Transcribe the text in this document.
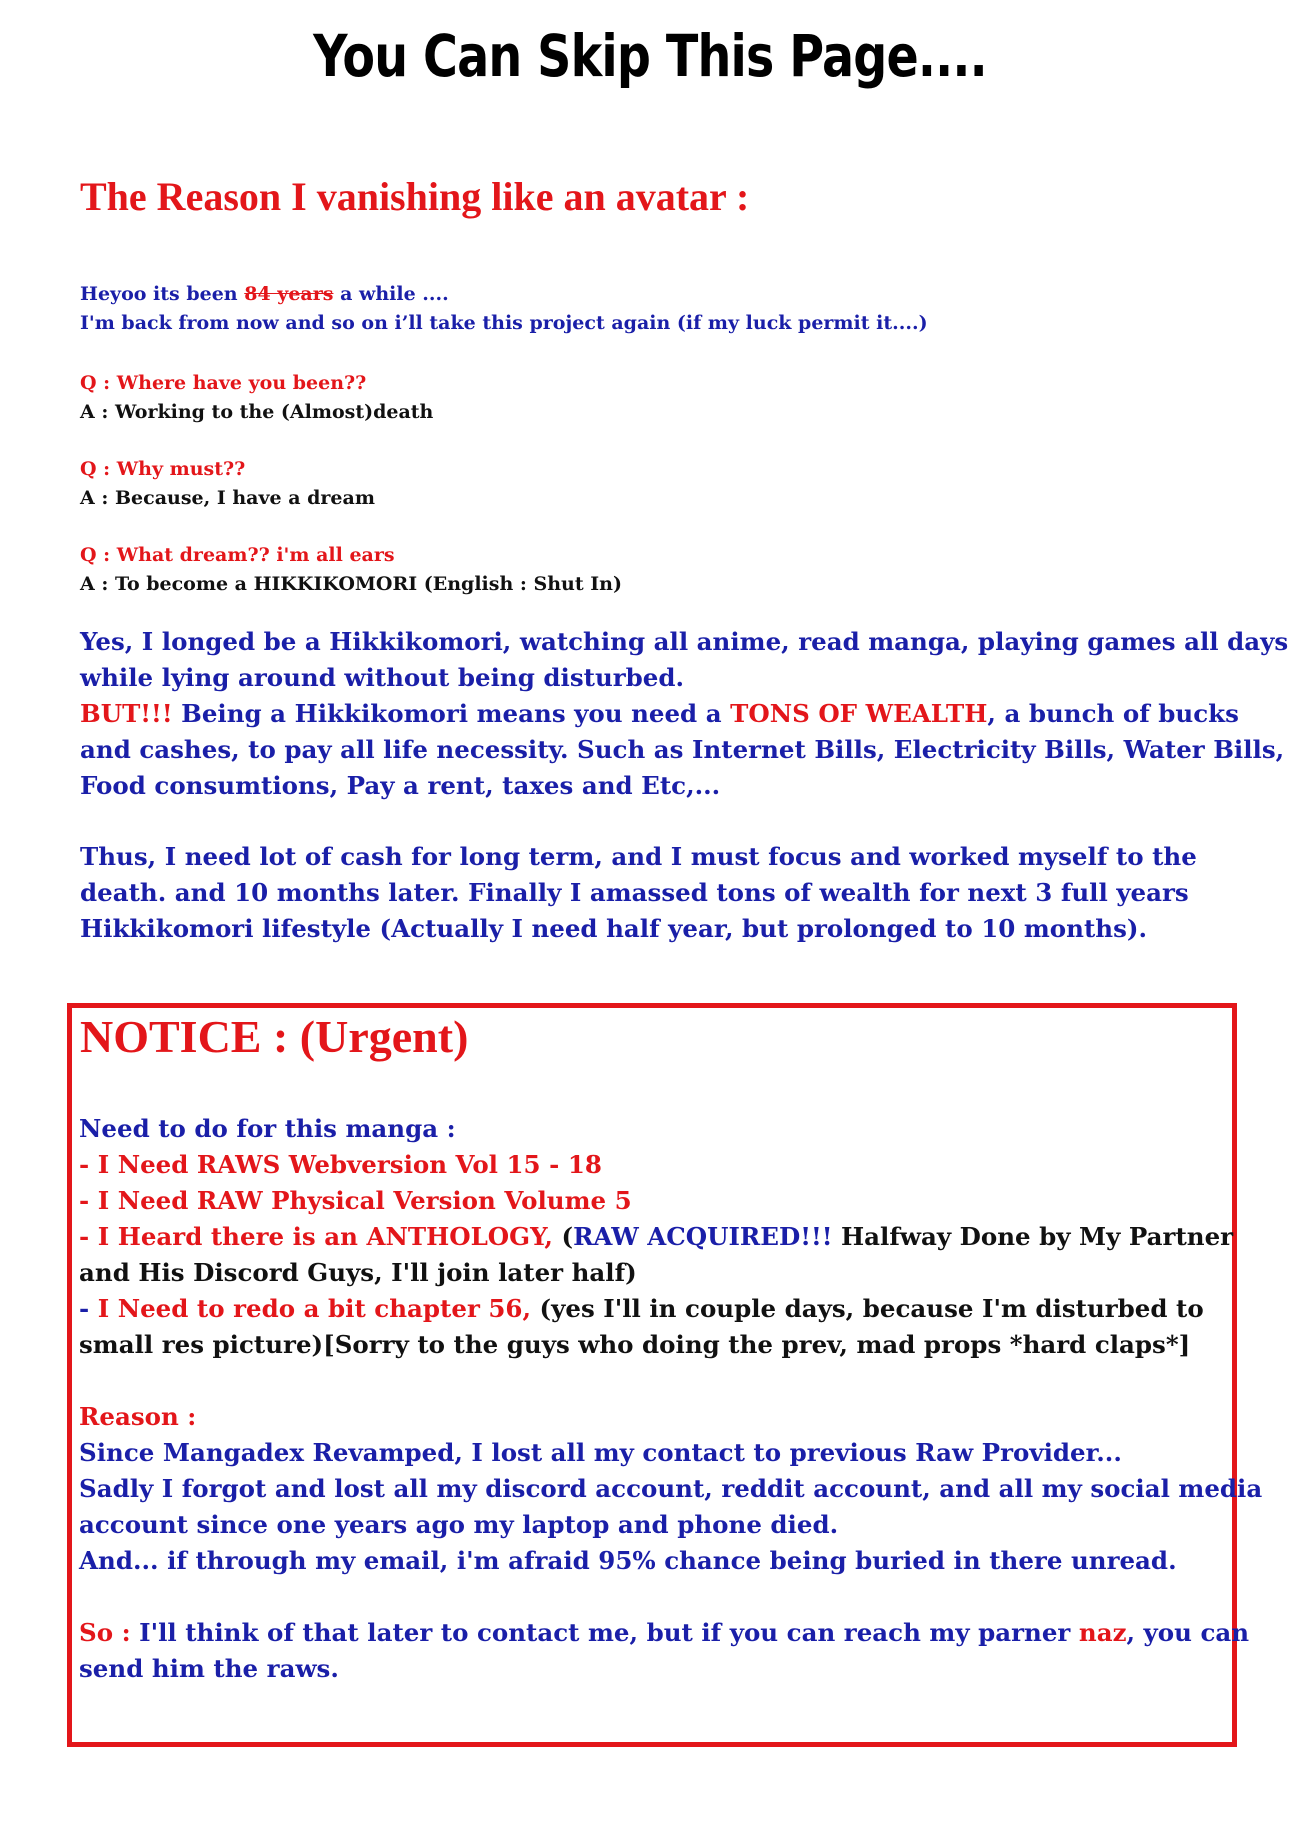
You Can Skip This Page....
The Reason I vanishing like an avatar :
Heyoo its been 84 years a while ....
I'm back from now and so on i’ll take this project again (if my luck permit it....)
Q : Where have you been??
A : Working to the (Almost)death
Q : Why must??
A : Because, I have a dream
Q : What dream?? i'm all ears
A : To become a HIKKIKOMORI (English : Shut In)
Yes, I longed be a Hikkikomori, watching all anime, read manga, playing games all days
while lying around without being disturbed.
BUT!!! Being a Hikkikomori means you need a TONS OF WEALTH, a bunch of bucks
and cashes, to pay all life necessity. Such as Internet Bills, Electricity Bills, Water Bills,
Food consumtions, Pay a rent, taxes and Etc,...
Thus, I need lot of cash for long term, and I must focus and worked myself to the
death. and 10 months later. Finally I amassed tons of wealth for next 3 full years
Hikkikomori lifestyle (Actually I need half year, but prolonged to 10 months).
NOTICE : (Urgent)
Need to do for this manga :
- I Need RAWS Webversion Vol 15 - 18
- I Need RAW Physical Version Volume 5
- I Heard there is an ANTHOLOGY, (RAW ACQUIRED!!! Halfway Done by My Partner
and His Discord Guys, I'll join later half)
- I Need to redo a bit chapter 56, (yes I'll in couple days, because I'm disturbed to
small res picture)[Sorry to the guys who doing the prev, mad props *hard claps*]
Reason :
Since Mangadex Revamped, I lost all my contact to previous Raw Provider...
Sadly I forgot and lost all my discord account, reddit account, and all my social media
account since one years ago my laptop and phone died.
And... if through my email, i'm afraid 95% chance being buried in there unread.
So : I'll think of that later to contact me, but if you can reach my parner naz, you can
send him the raws.
